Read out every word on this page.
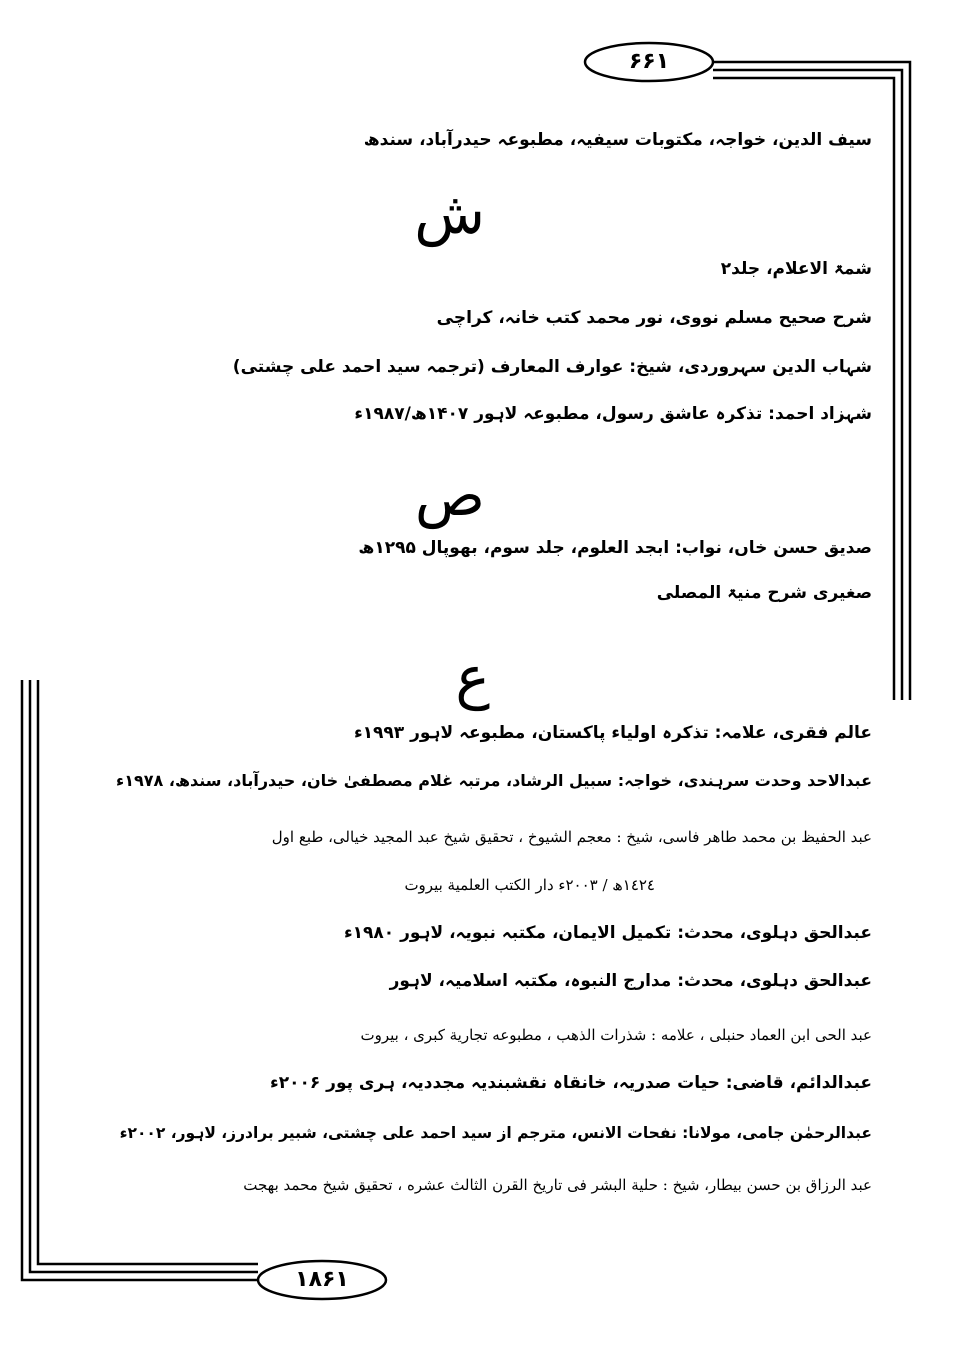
۶۶۱
۱۸۶۱
سیف الدین، خواجہ، مکتوبات سیفیہ، مطبوعہ حیدرآباد، سندھ
ش
شمۃ الاعلام، جلد۲
شرح صحیح مسلم نووی، نور محمد کتب خانہ، کراچی
شہاب الدین سہروردی، شیخ: عوارف المعارف (ترجمہ سید احمد علی چشتی)
شہزاد احمد: تذکرہ عاشق رسول، مطبوعہ لاہور ۱۴۰۷ھ/۱۹۸۷ء
ص
صدیق حسن خاں، نواب: ابجد العلوم، جلد سوم، بھوپال ۱۲۹۵ھ
صغیری شرح منیۃ المصلی
ع
عالم فقری، علامہ: تذکرہ اولیاء پاکستان، مطبوعہ لاہور ۱۹۹۳ء
عبدالاحد وحدت سرہندی، خواجہ: سبیل الرشاد، مرتبہ غلام مصطفیٰ خان، حیدرآباد، سندھ، ۱۹۷۸ء
عبد الحفیظ بن محمد طاهر فاسی، شیخ : معجم الشیوخ ، تحقیق شیخ عبد المجید خیالی، طبع اول
١٤٢٤ھ / ٢٠٠٣ء دار الکتب العلمية بيروت
عبدالحق دہلوی، محدث: تکمیل الایمان، مکتبہ نبویہ، لاہور ۱۹۸۰ء
عبدالحق دہلوی، محدث: مدارج النبوہ، مکتبہ اسلامیہ، لاہور
عبد الحی ابن العماد حنبلی ، علامه : شذرات الذهب ، مطبوعه تجارية كبرى ، بيروت
عبدالدائم، قاضی: حیات صدریہ، خانقاہ نقشبندیہ مجددیہ، ہری پور ۲۰۰۶ء
عبدالرحمٰن جامی، مولانا: نفحات الانس، مترجم از سید احمد علی چشتی، شبیر برادرز، لاہور، ۲۰۰۲ء
عبد الرزاق بن حسن بيطار، شیخ : حلية البشر فی تاریخ القرن الثالث عشره ، تحقيق شيخ محمد بهجت
